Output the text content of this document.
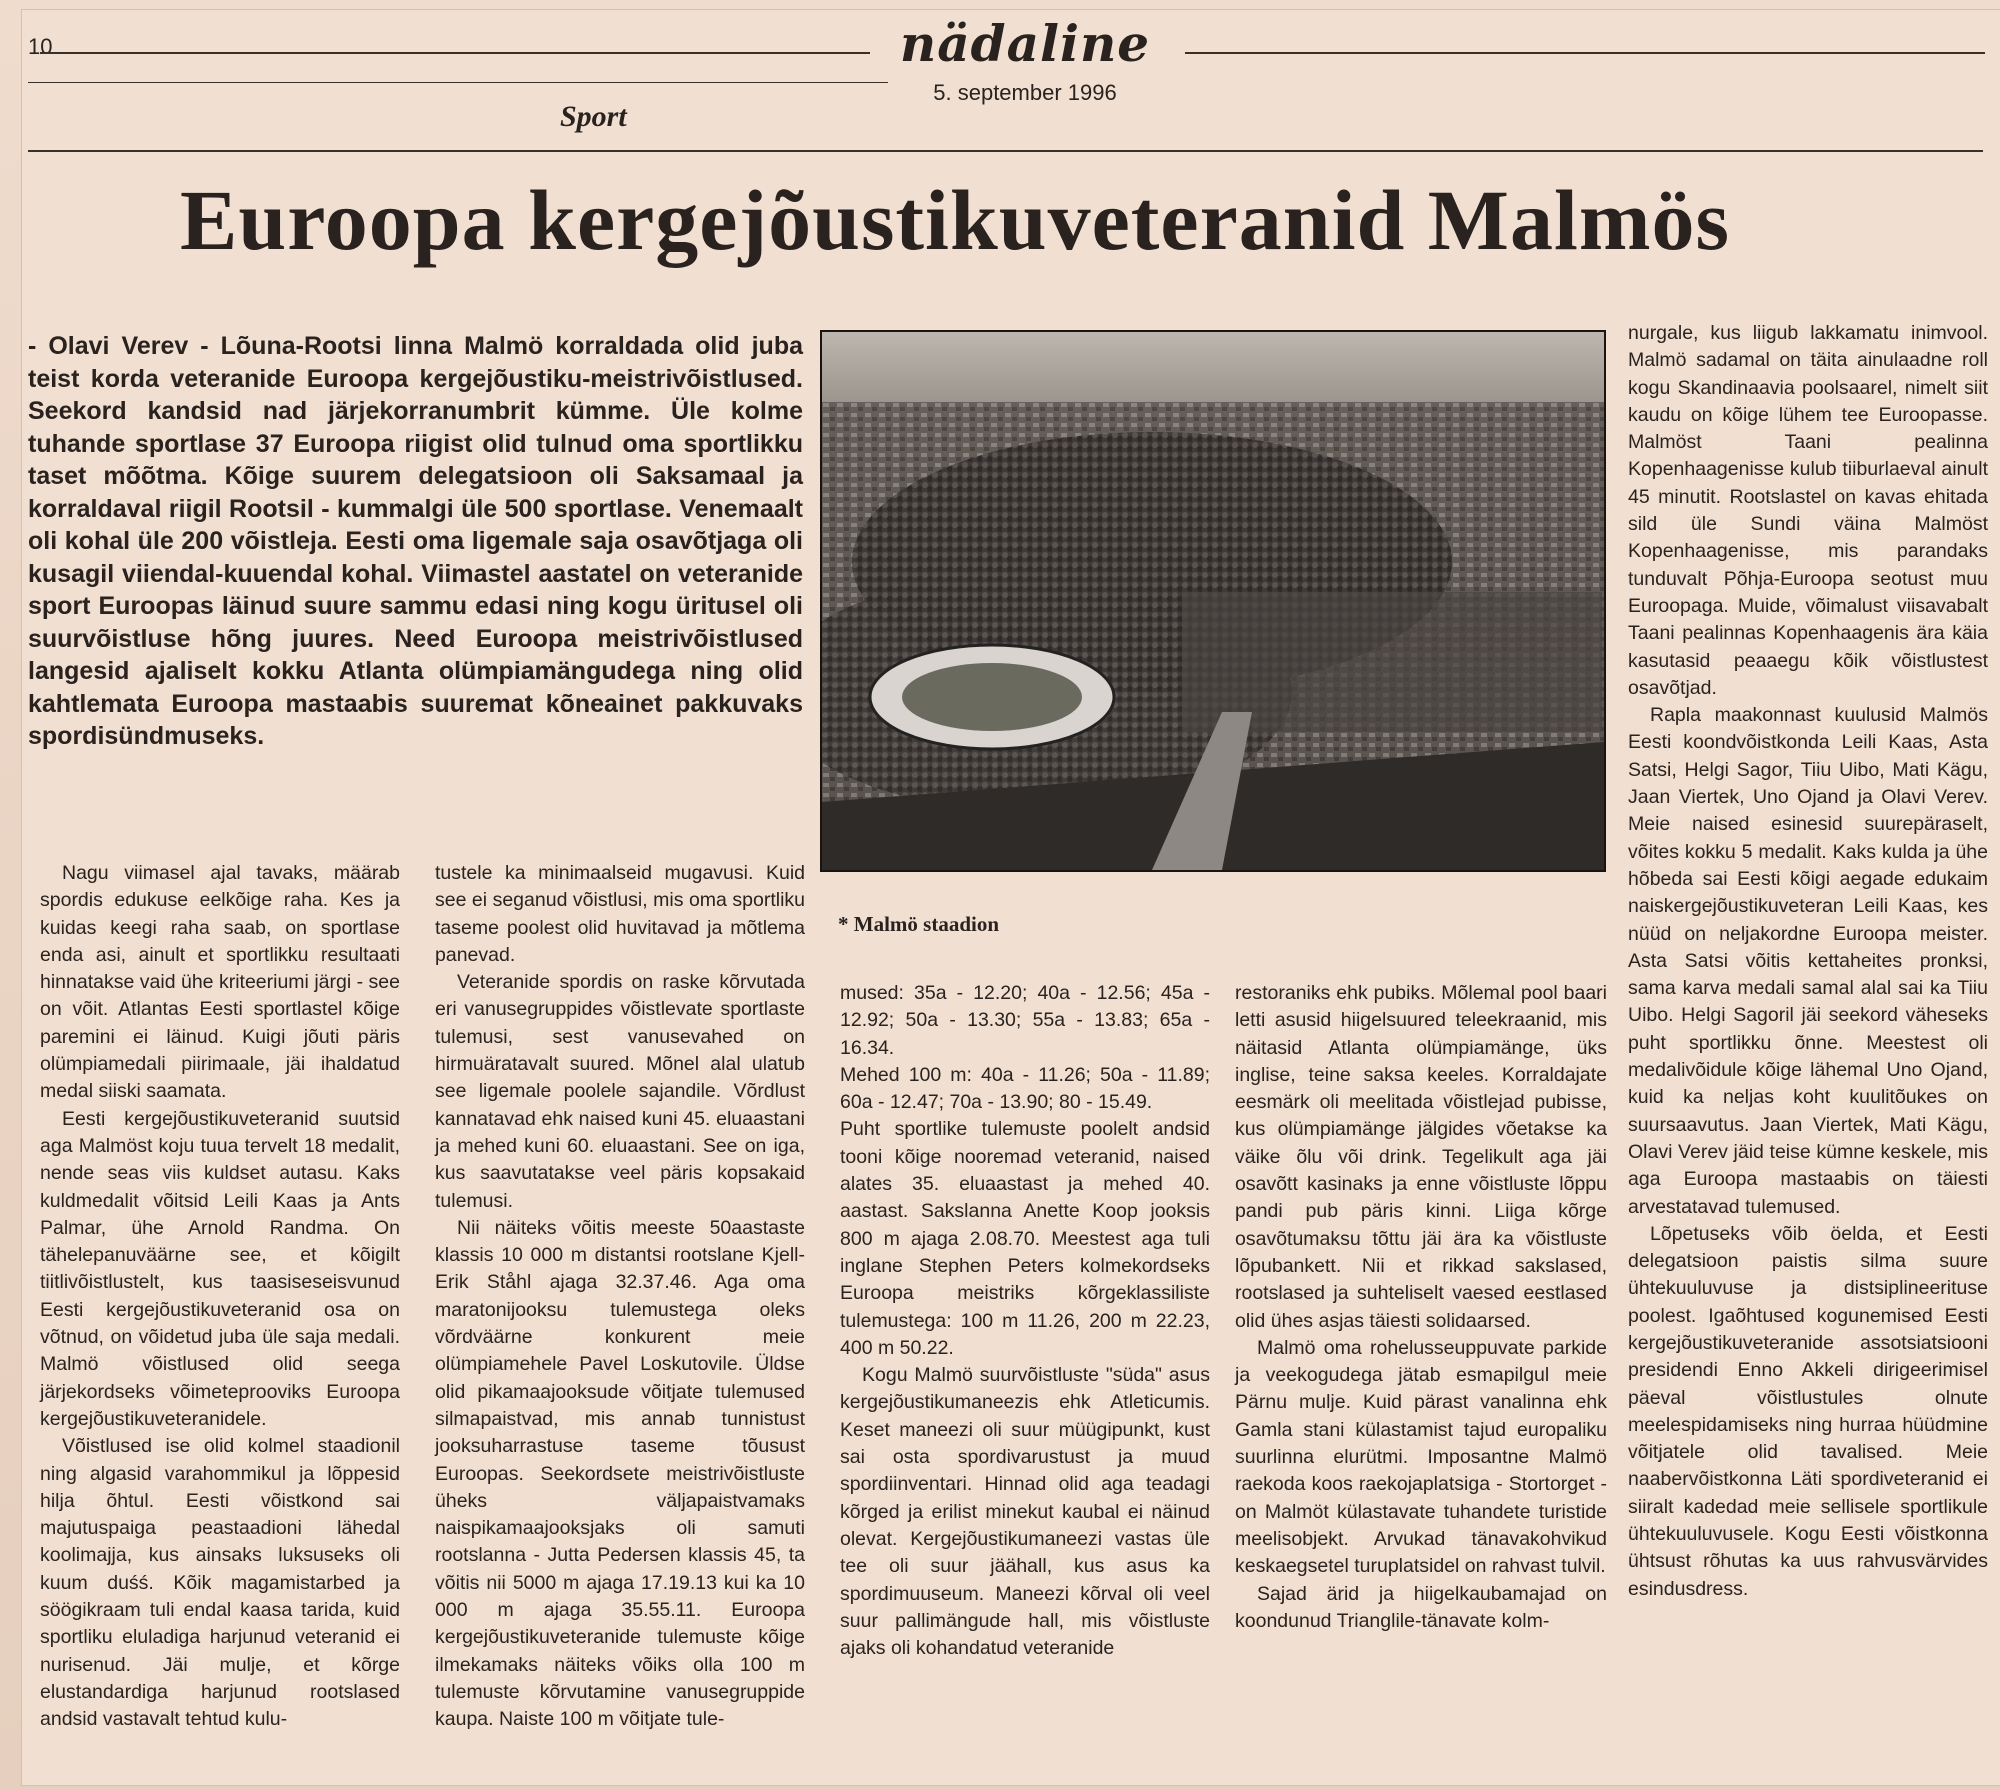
10	nädaline
5. september 1996
Sport
Euroopa kergejõustikuveteranid Malmös
- Olavi Verev - Lõuna-Rootsi linna Malmö korraldada olid juba teist korda veteranide Euroopa kergejõustiku-meistrivõistlused. Seekord kandsid nad järjekorranumbrit kümme. Üle kolme tuhande sportlase 37 Euroopa riigist olid tulnud oma sportlikku taset mõõtma. Kõige suurem delegatsioon oli Saksamaal ja korraldaval riigil Rootsil - kummalgi üle 500 sportlase. Venemaalt oli kohal üle 200 võistleja. Eesti oma ligemale saja osavõtjaga oli kusagil viiendal-kuuendal kohal. Viimastel aastatel on veteranide sport Euroopas läinud suure sammu edasi ning kogu üritusel oli suurvõistluse hõng juures. Need Euroopa meistrivõistlused langesid ajaliselt kokku Atlanta olümpiamängudega ning olid kahtlemata Euroopa mastaabis suuremat kõneainet pakkuvaks spordisündmuseks.
* Malmö staadion

Nagu viimasel ajal tavaks, määrab spordis edukuse eelkõige raha. Kes ja kuidas keegi raha saab, on sportlase enda asi, ainult et sportlikku resultaati hinnatakse vaid ühe kriteeriumi järgi - see on võit. Atlantas Eesti sportlastel kõige paremini ei läinud. Kuigi jõuti päris olümpiamedali piirimaale, jäi ihaldatud medal siiski saamata.

Eesti kergejõustikuveteranid suutsid aga Malmöst koju tuua tervelt 18 medalit, nende seas viis kuldset autasu. Kaks kuldmedalit võitsid Leili Kaas ja Ants Palmar, ühe Arnold Randma. On tähelepanuväärne see, et kõigilt tiitlivõistlustelt, kus taasiseseisvunud Eesti kergejõustikuveteranid osa on võtnud, on võidetud juba üle saja medali. Malmö võistlused olid seega järjekordseks võimeteprooviks Euroopa kergejõustikuveteranidele.

Võistlused ise olid kolmel staadionil ning algasid varahommikul ja lõppesid hilja õhtul. Eesti võistkond sai majutuspaiga peastaadioni lähedal koolimajja, kus ainsaks luksuseks oli kuum duśś. Kõik magamistarbed ja söögikraam tuli endal kaasa tarida, kuid sportliku eluladiga harjunud veteranid ei nurisenud. Jäi mulje, et kõrge elustandardiga harjunud rootslased andsid vastavalt tehtud kulu-

tustele ka minimaalseid mugavusi. Kuid see ei seganud võistlusi, mis oma sportliku taseme poolest olid huvitavad ja mõtlema panevad.

Veteranide spordis on raske kõrvutada eri vanusegruppides võistlevate sportlaste tulemusi, sest vanusevahed on hirmuäratavalt suured. Mõnel alal ulatub see ligemale poolele sajandile. Võrdlust kannatavad ehk naised kuni 45. eluaastani ja mehed kuni 60. eluaastani. See on iga, kus saavutatakse veel päris kopsakaid tulemusi.

Nii näiteks võitis meeste 50aastaste klassis 10 000 m distantsi rootslane Kjell-Erik Ståhl ajaga 32.37.46. Aga oma maratonijooksu tulemustega oleks võrdväärne konkurent meie olümpiamehele Pavel Loskutovile. Üldse olid pikamaajooksude võitjate tulemused silmapaistvad, mis annab tunnistust jooksuharrastuse taseme tõusust Euroopas. Seekordsete meistrivõistluste üheks väljapaistvamaks naispikamaajooksjaks oli samuti rootslanna - Jutta Pedersen klassis 45, ta võitis nii 5000 m ajaga 17.19.13 kui ka 10 000 m ajaga 35.55.11. Euroopa kergejõustikuveteranide tulemuste kõige ilmekamaks näiteks võiks olla 100 m tulemuste kõrvutamine vanusegruppide kaupa. Naiste 100 m võitjate tule-

mused: 35a - 12.20; 40a - 12.56; 45a - 12.92; 50a - 13.30; 55a - 13.83; 65a - 16.34.

Mehed 100 m: 40a - 11.26; 50a - 11.89; 60a - 12.47; 70a - 13.90; 80 - 15.49.

Puht sportlike tulemuste poolelt andsid tooni kõige nooremad veteranid, naised alates 35. eluaastast ja mehed 40. aastast. Sakslanna Anette Koop jooksis 800 m ajaga 2.08.70. Meestest aga tuli inglane Stephen Peters kolmekordseks Euroopa meistriks kõrgeklassiliste tulemustega: 100 m 11.26, 200 m 22.23, 400 m 50.22.

Kogu Malmö suurvõistluste "süda" asus kergejõustikumaneezis ehk Atleticumis. Keset maneezi oli suur müügipunkt, kust sai osta spordivarustust ja muud spordiinventari. Hinnad olid aga teadagi kõrged ja erilist minekut kaubal ei näinud olevat. Kergejõustikumaneezi vastas üle tee oli suur jäähall, kus asus ka spordimuuseum. Maneezi kõrval oli veel suur pallimängude hall, mis võistluste ajaks oli kohandatud veteranide

restoraniks ehk pubiks. Mõlemal pool baari letti asusid hiigelsuured teleekraanid, mis näitasid Atlanta olümpiamänge, üks inglise, teine saksa keeles. Korraldajate eesmärk oli meelitada võistlejad pubisse, kus olümpiamänge jälgides võetakse ka väike õlu või drink. Tegelikult aga jäi osavõtt kasinaks ja enne võistluste lõppu pandi pub päris kinni. Liiga kõrge osavõtumaksu tõttu jäi ära ka võistluste lõpubankett. Nii et rikkad sakslased, rootslased ja suhteliselt vaesed eestlased olid ühes asjas täiesti solidaarsed.

Malmö oma rohelusseuppuvate parkide ja veekogudega jätab esmapilgul meie Pärnu mulje. Kuid pärast vanalinna ehk Gamla stani külastamist tajud europaliku suurlinna elurütmi. Imposantne Malmö raekoda koos raekojaplatsiga - Stortorget - on Malmöt külastavate tuhandete turistide meelisobjekt. Arvukad tänavakohvikud keskaegsetel turuplatsidel on rahvast tulvil.

Sajad ärid ja hiigelkaubamajad on koondunud Trianglile-tänavate kolm-

nurgale, kus liigub lakkamatu inimvool. Malmö sadamal on täita ainulaadne roll kogu Skandinaavia poolsaarel, nimelt siit kaudu on kõige lühem tee Euroopasse. Malmöst Taani pealinna Kopenhaagenisse kulub tiiburlaeval ainult 45 minutit. Rootslastel on kavas ehitada sild üle Sundi väina Malmöst Kopenhaagenisse, mis parandaks tunduvalt Põhja-Euroopa seotust muu Euroopaga. Muide, võimalust viisavabalt Taani pealinnas Kopenhaagenis ära käia kasutasid peaaegu kõik võistlustest osavõtjad.

Rapla maakonnast kuulusid Malmös Eesti koondvõistkonda Leili Kaas, Asta Satsi, Helgi Sagor, Tiiu Uibo, Mati Kägu, Jaan Viertek, Uno Ojand ja Olavi Verev. Meie naised esinesid suurepäraselt, võites kokku 5 medalit. Kaks kulda ja ühe hõbeda sai Eesti kõigi aegade edukaim naiskergejõustikuveteran Leili Kaas, kes nüüd on neljakordne Euroopa meister. Asta Satsi võitis kettaheites pronksi, sama karva medali samal alal sai ka Tiiu Uibo. Helgi Sagoril jäi seekord väheseks puht sportlikku õnne. Meestest oli medalivõidule kõige lähemal Uno Ojand, kuid ka neljas koht kuulitõukes on suursaavutus. Jaan Viertek, Mati Kägu, Olavi Verev jäid teise kümne keskele, mis aga Euroopa mastaabis on täiesti arvestatavad tulemused.

Lõpetuseks võib öelda, et Eesti delegatsioon paistis silma suure ühtekuuluvuse ja distsiplineerituse poolest. Igaõhtused kogunemised Eesti kergejõustikuveteranide assotsiatsiooni presidendi Enno Akkeli dirigeerimisel päeval võistlustules olnute meelespidamiseks ning hurraa hüüdmine võitjatele olid tavalised. Meie naabervõistkonna Läti spordiveteranid ei siiralt kadedad meie sellisele sportlikule ühtekuuluvusele. Kogu Eesti võistkonna ühtsust rõhutas ka uus rahvusvärvides esindusdress.
